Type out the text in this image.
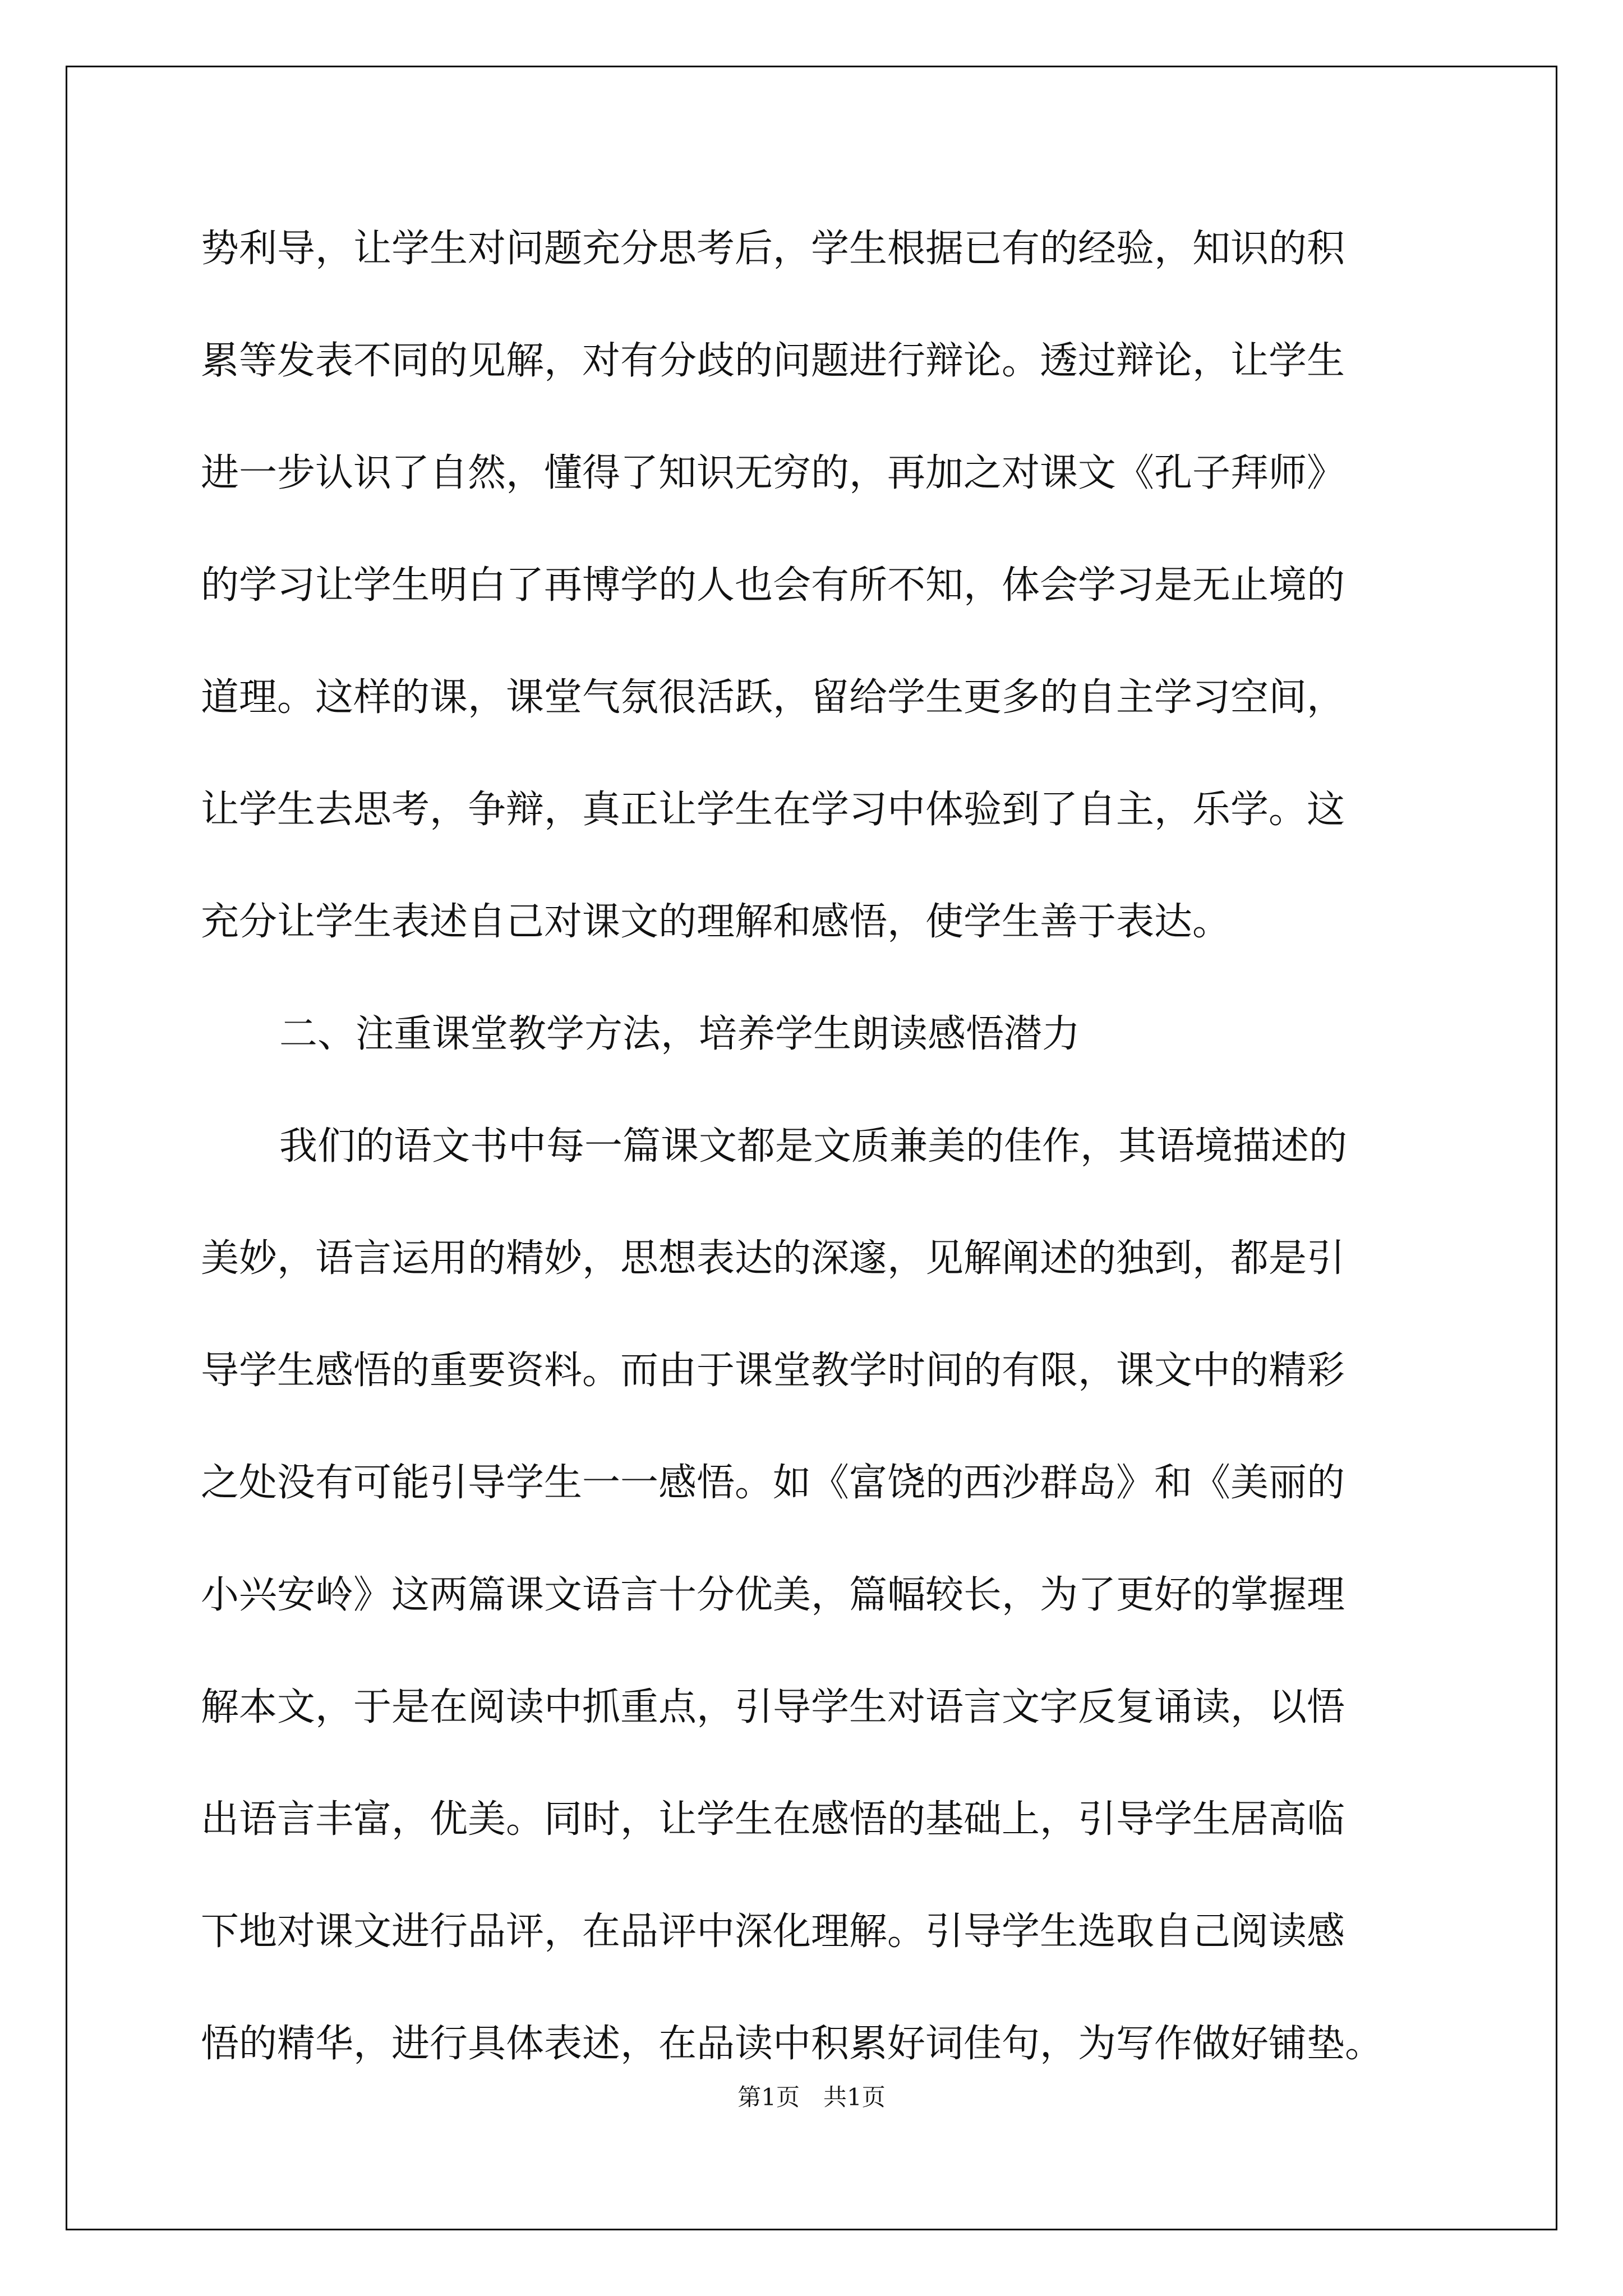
势利导，让学生对问题充分思考后，学生根据已有的经验，知识的积

累等发表不同的见解，对有分歧的问题进行辩论。透过辩论，让学生

进一步认识了自然，懂得了知识无穷的，再加之对课文《孔子拜师》

的学习让学生明白了再博学的人也会有所不知，体会学习是无止境的

道理。这样的课，课堂气氛很活跃，留给学生更多的自主学习空间，

让学生去思考，争辩，真正让学生在学习中体验到了自主，乐学。这

充分让学生表述自己对课文的理解和感悟，使学生善于表达。

二、注重课堂教学方法，培养学生朗读感悟潜力

我们的语文书中每一篇课文都是文质兼美的佳作，其语境描述的

美妙，语言运用的精妙，思想表达的深邃，见解阐述的独到，都是引

导学生感悟的重要资料。而由于课堂教学时间的有限，课文中的精彩

之处没有可能引导学生一一感悟。如《富饶的西沙群岛》和《美丽的

小兴安岭》这两篇课文语言十分优美，篇幅较长，为了更好的掌握理

解本文，于是在阅读中抓重点，引导学生对语言文字反复诵读，以悟

出语言丰富，优美。同时，让学生在感悟的基础上，引导学生居高临

下地对课文进行品评，在品评中深化理解。引导学生选取自己阅读感

悟的精华，进行具体表述，在品读中积累好词佳句，为写作做好铺垫。

第1页　共1页
